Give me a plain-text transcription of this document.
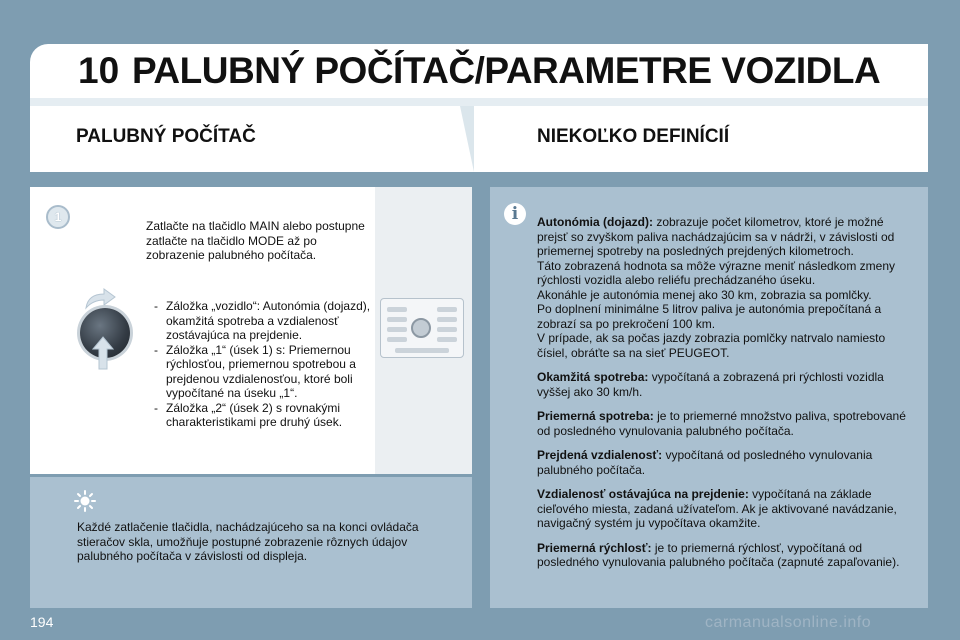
10 PALUBNÝ POČÍTAČ/PARAMETRE VOZIDLA
PALUBNÝ POČÍTAČ	NIEKOĽKO DEFINÍCIÍ
1
Zatlačte na tlačidlo MAIN alebo postupne zatlačte na tlačidlo MODE až po zobrazenie palubného počítača.
- Záložka „vozidlo“: Autonómia (dojazd), okamžitá spotreba a vzdialenosť zostávajúca na prejdenie.
- Záložka „1“ (úsek 1) s: Priemernou rýchlosťou, priemernou spotrebou a prejdenou vzdialenosťou, ktoré boli vypočítané na úseku „1“.
- Záložka „2“ (úsek 2) s rovnakými charakteristikami pre druhý úsek.
Každé zatlačenie tlačidla, nachádzajúceho sa na konci ovládača stieračov skla, umožňuje postupné zobrazenie rôznych údajov palubného počítača v závislosti od displeja.
i	Autonómia (dojazd): zobrazuje počet kilometrov, ktoré je možné prejsť so zvyškom paliva nachádzajúcim sa v nádrži, v závislosti od priemernej spotreby na posledných prejdených kilometroch.
Táto zobrazená hodnota sa môže výrazne meniť následkom zmeny rýchlosti vozidla alebo reliéfu prechádzaného úseku.
Akonáhle je autonómia menej ako 30 km, zobrazia sa pomlčky.
Po doplnení minimálne 5 litrov paliva je autonómia prepočítaná a zobrazí sa po prekročení 100 km.
V prípade, ak sa počas jazdy zobrazia pomlčky natrvalo namiesto čísiel, obráťte sa na sieť PEUGEOT.

Okamžitá spotreba: vypočítaná a zobrazená pri rýchlosti vozidla vyššej ako 30 km/h.

Priemerná spotreba: je to priemerné množstvo paliva, spotrebované od posledného vynulovania palubného počítača.

Prejdená vzdialenosť: vypočítaná od posledného vynulovania palubného počítača.

Vzdialenosť ostávajúca na prejdenie: vypočítaná na základe cieľového miesta, zadaná užívateľom. Ak je aktivované navádzanie, navigačný systém ju vypočítava okamžite.

Priemerná rýchlosť: je to priemerná rýchlosť, vypočítaná od posledného vynulovania palubného počítača (zapnuté zapaľovanie).

194	carmanualsonline.info
